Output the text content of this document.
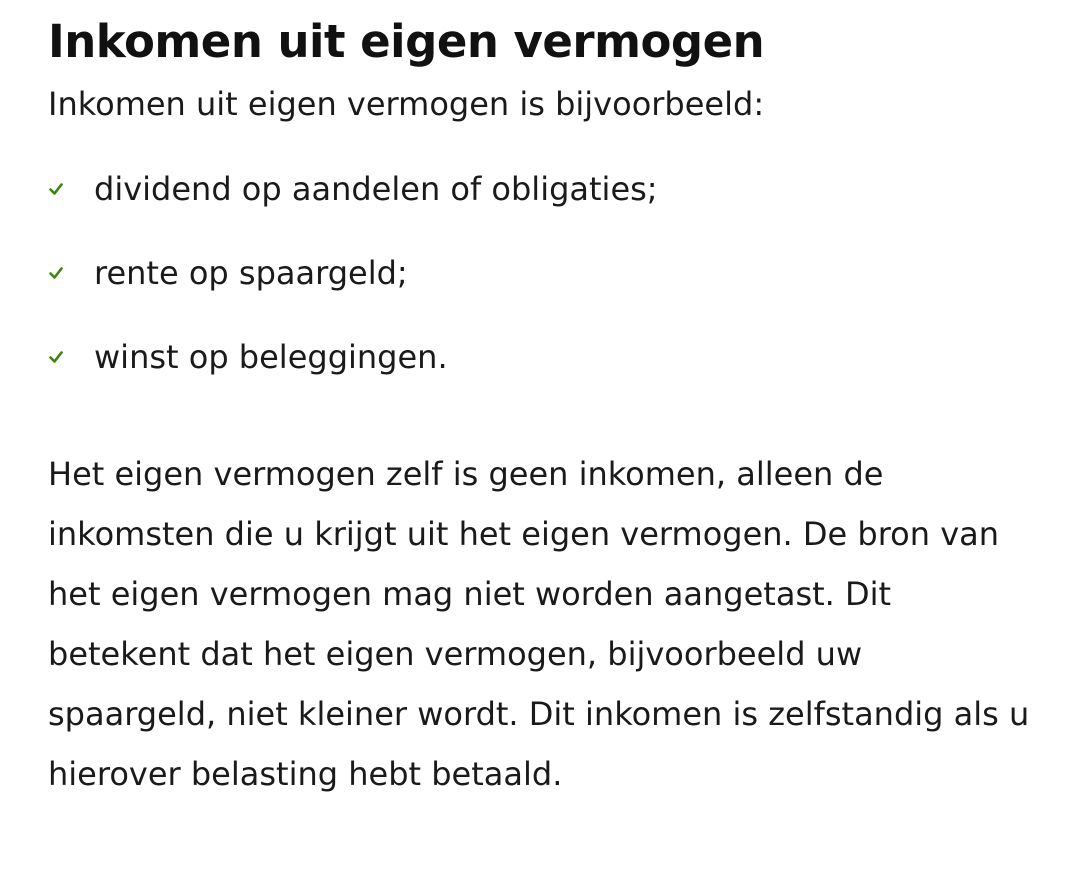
Inkomen uit eigen vermogen

Inkomen uit eigen vermogen is bijvoorbeeld:

dividend op aandelen of obligaties;
rente op spaargeld;
winst op beleggingen.

Het eigen vermogen zelf is geen inkomen, alleen de inkomsten die u krijgt uit het eigen vermogen. De bron van het eigen vermogen mag niet worden aangetast. Dit betekent dat het eigen vermogen, bijvoorbeeld uw spaargeld, niet kleiner wordt. Dit inkomen is zelfstandig als u hierover belasting hebt betaald.
